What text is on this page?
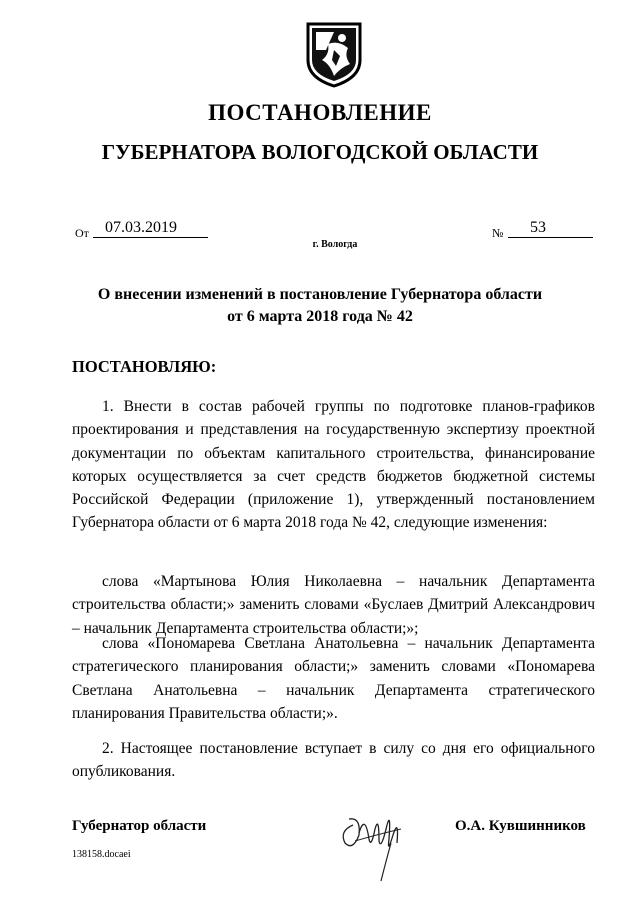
ПОСТАНОВЛЕНИЕ
ГУБЕРНАТОРА ВОЛОГОДСКОЙ ОБЛАСТИ
От	07.03.2019	№	53
г. Вологда
О внесении изменений в постановление Губернатора области
от 6 марта 2018 года № 42
ПОСТАНОВЛЯЮ:

1. Внести в состав рабочей группы по подготовке планов-графиков проектирования и представления на государственную экспертизу проектной документации по объектам капитального строительства, финансирование которых осуществляется за счет средств бюджетов бюджетной системы Российской Федерации (приложение 1), утвержденный постановлением Губернатора области от 6 марта 2018 года № 42, следующие изменения:

слова «Мартынова Юлия Николаевна – начальник Департамента строительства области;» заменить словами «Буслаев Дмитрий Александрович – начальник Департамента строительства области;»;

слова «Пономарева Светлана Анатольевна – начальник Департамента стратегического планирования области;» заменить словами «Пономарева Светлана Анатольевна – начальник Департамента стратегического планирования Правительства области;».

2. Настоящее постановление вступает в силу со дня его официального опубликования.

Губернатор области	О.А. Кувшинников
138158.docaei
